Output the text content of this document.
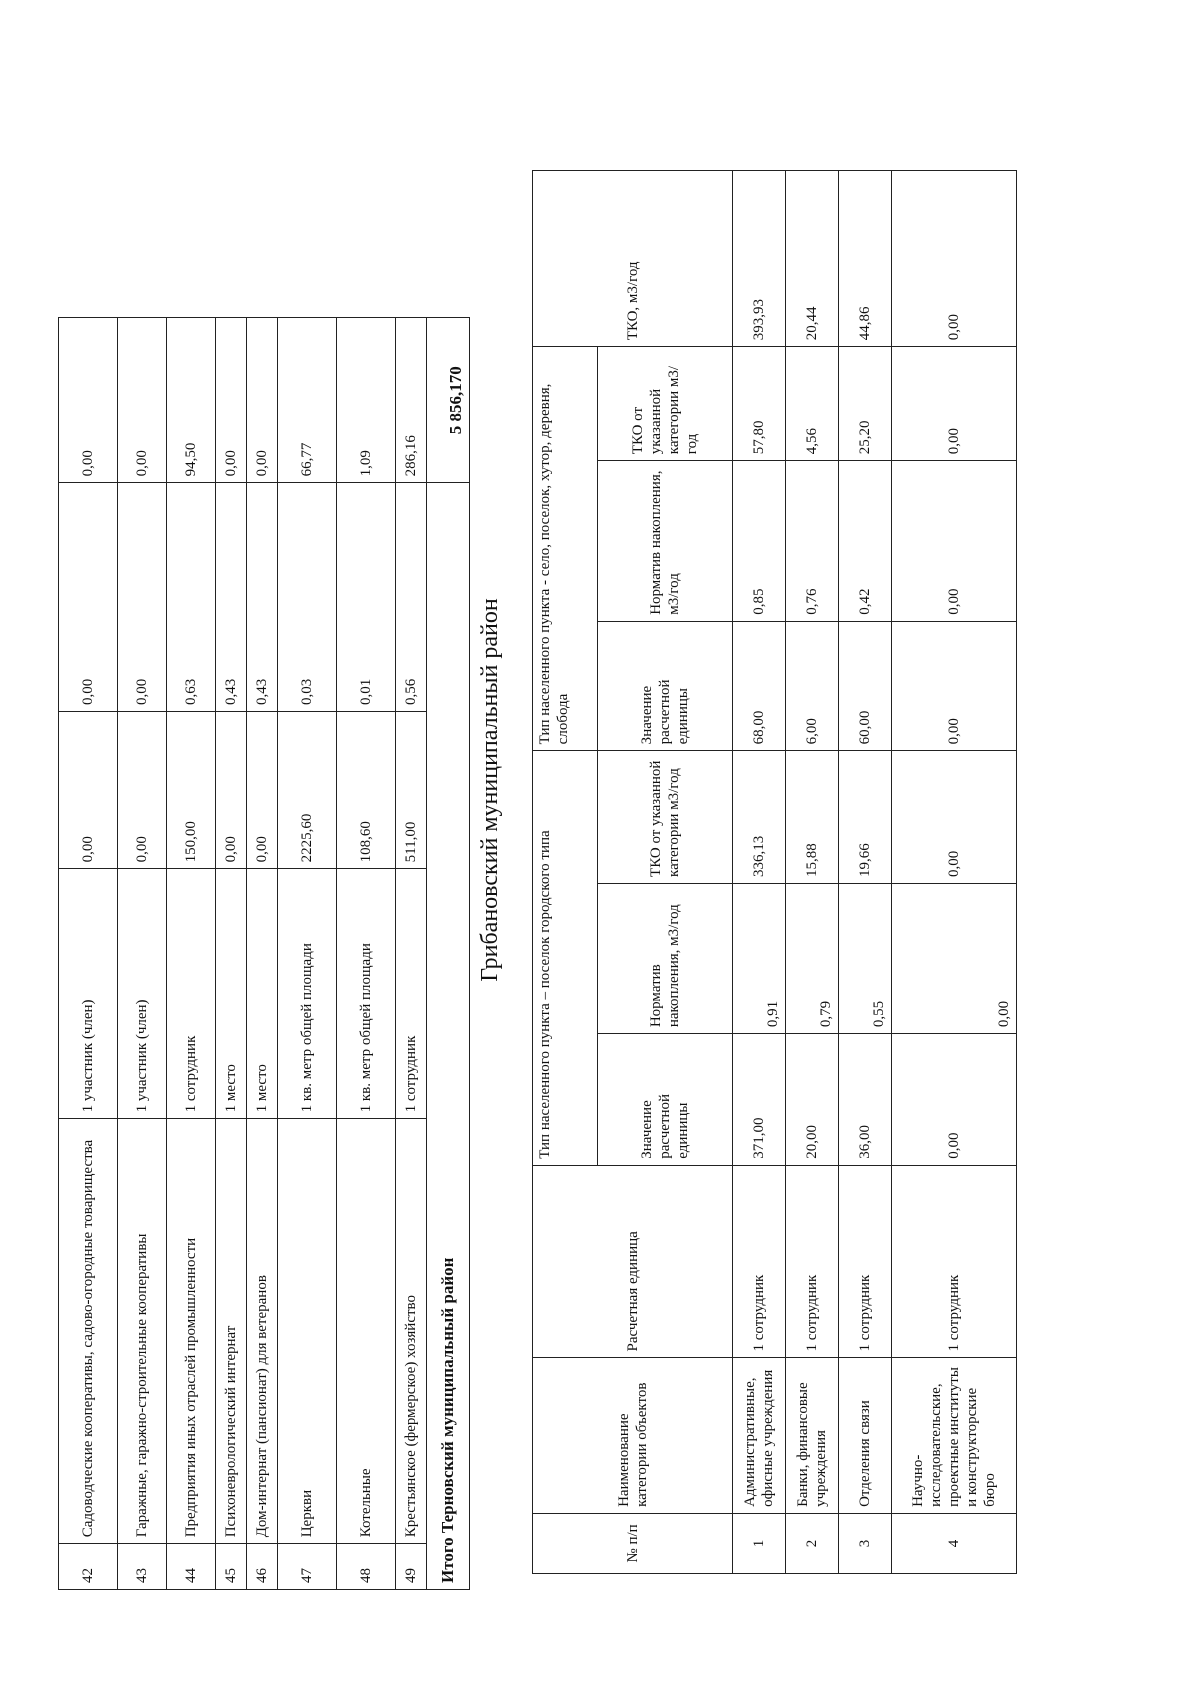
42	Садоводческие кооперативы, садово-огородные товарищества	1 участник (член)	0,00	0,00	0,00
43	Гаражные, гаражно-строительные кооперативы	1 участник (член)	0,00	0,00	0,00
44	Предприятия иных отраслей промышленности	1 сотрудник	150,00	0,63	94,50
45	Психоневрологический интернат	1 место	0,00	0,43	0,00
46	Дом-интернат (пансионат) для ветеранов	1 место	0,00	0,43	0,00
47	Церкви	1 кв. метр общей площади	2225,60	0,03	66,77
48	Котельные	1 кв. метр общей площади	108,60	0,01	1,09
49	Крестьянское (фермерское) хозяйство	1 сотрудник	511,00	0,56	286,16
Итого Терновский муниципальный район					5 856,170

Грибановский муниципальный район

№ п/п	Наименование категории объектов	Расчетная единица	Тип населенного пункта – поселок городского типа			Тип населенного пункта - село, поселок, хутор, деревня, слобода			ТКО, м3/год
			Значение расчетной единицы	Норматив накопления, м3/год	ТКО от указанной категории м3/год	Значение расчетной единицы	Норматив накопления, м3/год	ТКО от указанной категории м3/год	
1	Административные, офисные учреждения	1 сотрудник	371,00	0,91	336,13	68,00	0,85	57,80	393,93
2	Банки, финансовые учреждения	1 сотрудник	20,00	0,79	15,88	6,00	0,76	4,56	20,44
3	Отделения связи	1 сотрудник	36,00	0,55	19,66	60,00	0,42	25,20	44,86
4	Научно-исследовательские, проектные институты и конструкторские бюро	1 сотрудник	0,00	0,00	0,00	0,00	0,00	0,00	0,00
